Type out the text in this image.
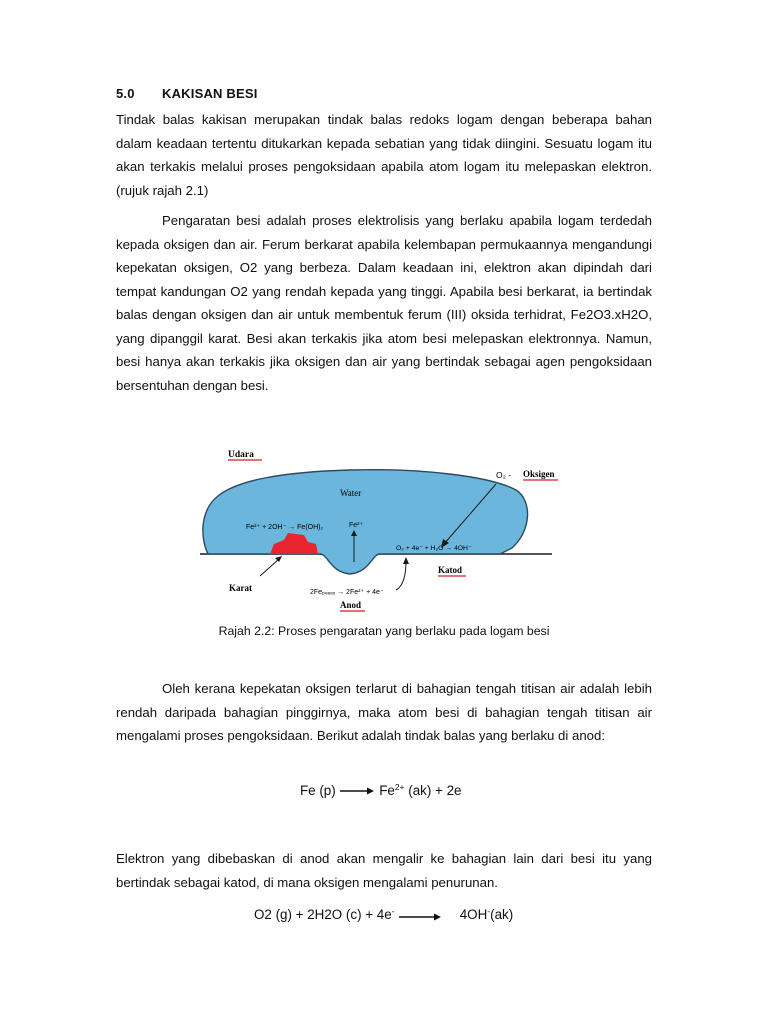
5.0 KAKISAN BESI

Tindak balas kakisan merupakan tindak balas redoks logam dengan beberapa bahan dalam keadaan tertentu ditukarkan kepada sebatian yang tidak diingini. Sesuatu logam itu akan terkakis melalui proses pengoksidaan apabila atom logam itu melepaskan elektron. (rujuk rajah 2.1)

Pengaratan besi adalah proses elektrolisis yang berlaku apabila logam terdedah kepada oksigen dan air. Ferum berkarat apabila kelembapan permukaannya mengandungi kepekatan oksigen, O2 yang berbeza. Dalam keadaan ini, elektron akan dipindah dari tempat kandungan O2 yang rendah kepada yang tinggi. Apabila besi berkarat, ia bertindak balas dengan oksigen dan air untuk membentuk ferum (III) oksida terhidrat, Fe2O3.xH2O, yang dipanggil karat. Besi akan terkakis jika atom besi melepaskan elektronnya. Namun, besi hanya akan terkakis jika oksigen dan air yang bertindak sebagai agen pengoksidaan bersentuhan dengan besi.

Udara
Water
O₂ - Oksigen
Fe²⁺ + 2OH⁻ → Fe(OH)₂	Fe²⁺
O₂ + 4e⁻ + H₂O → 4OH⁻
Karat
Katod
2Feₚₑₑₑₓ → 2Fe²⁺ + 4e⁻
Anod
Rajah 2.2: Proses pengaratan yang berlaku pada logam besi

Oleh kerana kepekatan oksigen terlarut di bahagian tengah titisan air adalah lebih rendah daripada bahagian pinggirnya, maka atom besi di bahagian tengah titisan air mengalami proses pengoksidaan. Berikut adalah tindak balas yang berlaku di anod:

Fe $(p) \to Fe^{2+}$ (ak) + 2e

Elektron yang dibebaskan di anod akan mengalir ke bahagian lain dari besi itu yang bertindak sebagai katod, di mana oksigen mengalami penurunan.

O2 (g) + 2H2O (c) + 4e- → 4OH-(ak)
